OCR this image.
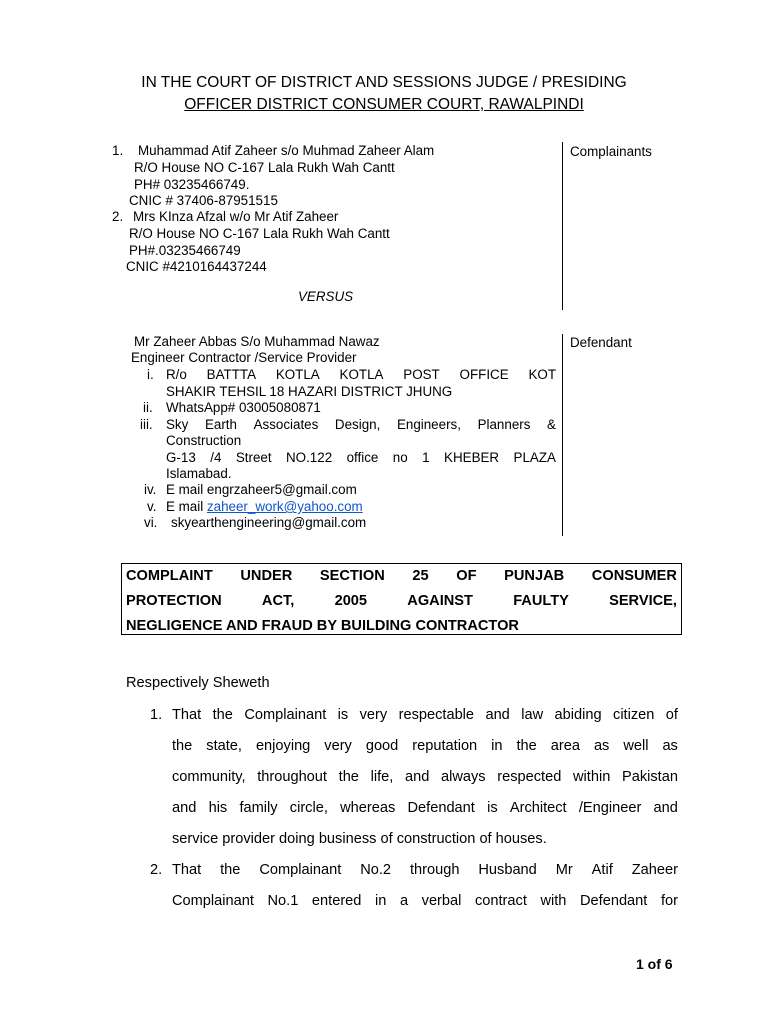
IN THE COURT OF DISTRICT AND SESSIONS JUDGE / PRESIDING
OFFICER DISTRICT CONSUMER COURT, RAWALPINDI
1. Muhammad Atif Zaheer s/o Muhmad Zaheer Alam
R/O House NO C-167 Lala Rukh Wah Cantt
PH# 03235466749.
CNIC # 37406-87951515
2. Mrs KInza Afzal w/o Mr Atif Zaheer
R/O House NO C-167 Lala Rukh Wah Cantt
PH#.03235466749
CNIC #4210164437244
Complainants
VERSUS
Defendant
Mr Zaheer Abbas S/o Muhammad Nawaz
Engineer Contractor /Service Provider
i. R/o BATTTA KOTLA KOTLA POST OFFICE KOT
SHAKIR TEHSIL 18 HAZARI DISTRICT JHUNG
ii. WhatsApp# 03005080871
iii. Sky Earth Associates Design, Engineers, Planners &
Construction
G-13 /4 Street NO.122 office no 1 KHEBER PLAZA
Islamabad.
iv. E mail engrzaheer5@gmail.com
v. E mail zaheer_work@yahoo.com
vi. skyearthengineering@gmail.com
COMPLAINT UNDER SECTION 25 OF PUNJAB CONSUMER
PROTECTION	ACT,	2005	AGAINST	FAULTY	SERVICE,
NEGLIGENCE AND FRAUD BY BUILDING CONTRACTOR
Respectively Sheweth
1. That the Complainant is very respectable and law abiding citizen of
the state, enjoying very good reputation in the area as well as
community, throughout the life, and always respected within Pakistan
and his family circle, whereas Defendant is Architect /Engineer and
service provider doing business of construction of houses.
2. That the Complainant No.2 through Husband Mr Atif Zaheer
Complainant No.1 entered in a verbal contract with Defendant for
1 of 6
